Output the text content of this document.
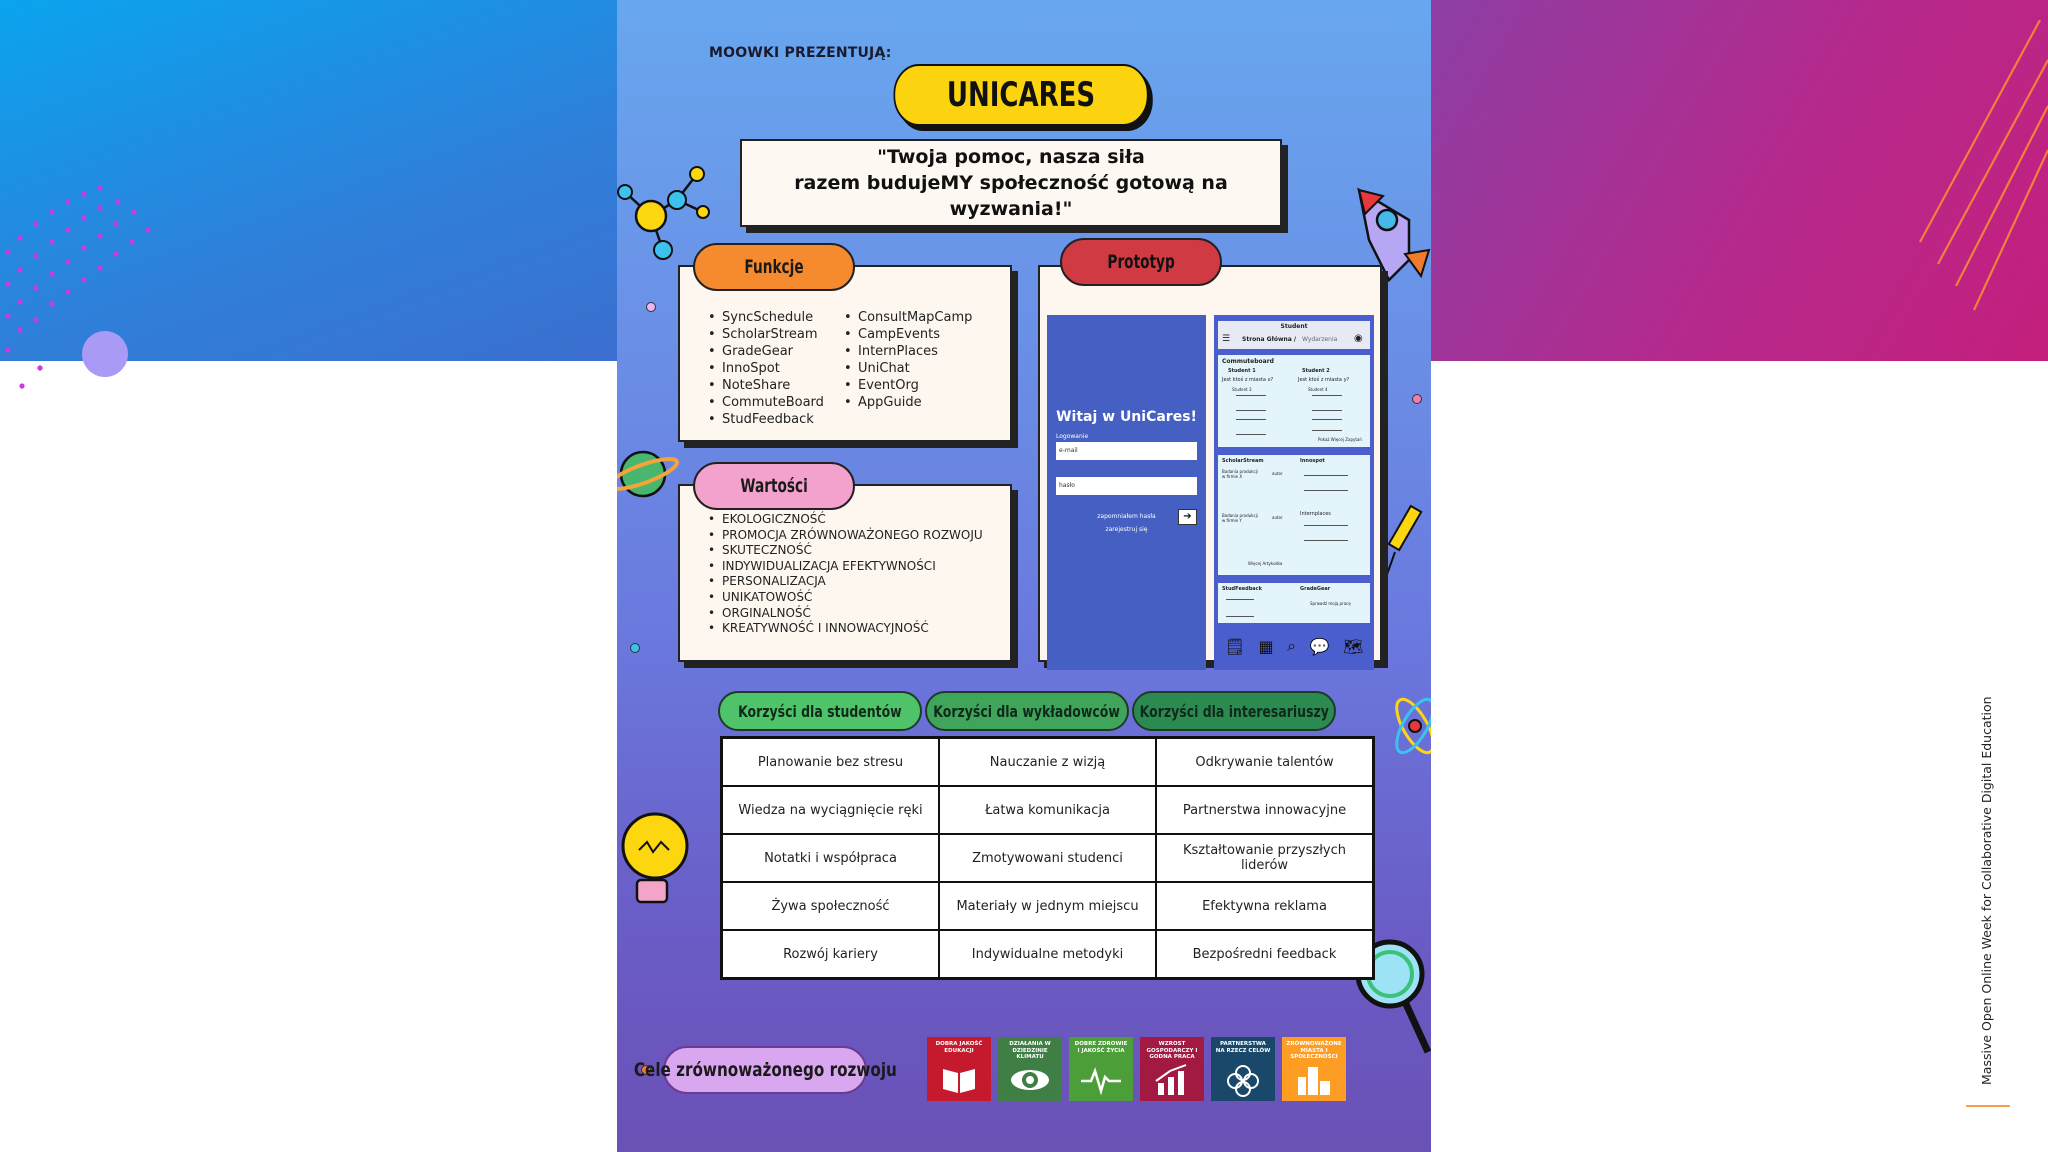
MOOWKI PREZENTUJĄ:
UNICARES
"Twoja pomoc, nasza siła
razem budujeMY społeczność gotową na wyzwania!"
• SyncSchedule
• ScholarStream
• GradeGear
• InnoSpot
• NoteShare
• CommuteBoard
• StudFeedback
• ConsultMapCamp
• CampEvents
• InternPlaces
• UniChat
• EventOrg
• AppGuide
Funkcje
• EKOLOGICZNOŚĆ
• PROMOCJA ZRÓWNOWAŻONEGO ROZWOJU
• SKUTECZNOŚĆ
• INDYWIDUALIZACJA EFEKTYWNOŚCI
• PERSONALIZACJA
• UNIKATOWOŚĆ
• ORGINALNOŚĆ
• KREATYWNOŚĆ I INNOWACYJNOŚĆ
Wartości
Witaj w UniCares!
Logowanie
e-mail
hasło
➔
zapomniałem hasła
zarejestruj się
Student
☰ Strona Główna / Wydarzenia ◉
Commuteboard
Student 1	Student 2
Jest ktoś z miasta x?	Jest ktoś z miasta y?
Student 3	Student 4
Pokaż Więcej Zapytań
ScholarStream	Innospot
Badania produkcji w firmie X
autor
Badania produkcji w firmie Y
autor
Internplaces
Więcej Artykułów
StudFeedback	GradeGear
Sprawdź moją pracę
🗒 ▦ ⌕ 💬 🗺
Prototyp
Korzyści dla studentów Korzyści dla wykładowców Korzyści dla interesariuszy
Planowanie bez stresu	Nauczanie z wizją	Odkrywanie talentów
Wiedza na wyciągnięcie ręki	Łatwa komunikacja	Partnerstwa innowacyjne
Notatki i współpraca	Zmotywowani studenci	Kształtowanie przyszłych liderów
Żywa społeczność	Materiały w jednym miejscu	Efektywna reklama
Rozwój kariery	Indywidualne metodyki	Bezpośredni feedback
Cele zrównoważonego rozwoju
DOBRA JAKOŚĆ EDUKACJI
DZIAŁANIA W DZIEDZINIE KLIMATU
DOBRE ZDROWIE I JAKOŚĆ ŻYCIA
WZROST GOSPODARCZY I GODNA PRACA
PARTNERSTWA NA RZECZ CELÓW
ZRÓWNOWAŻONE MIASTA I SPOŁECZNOŚCI	Massive Open Online Week for Collaborative Digital Education
